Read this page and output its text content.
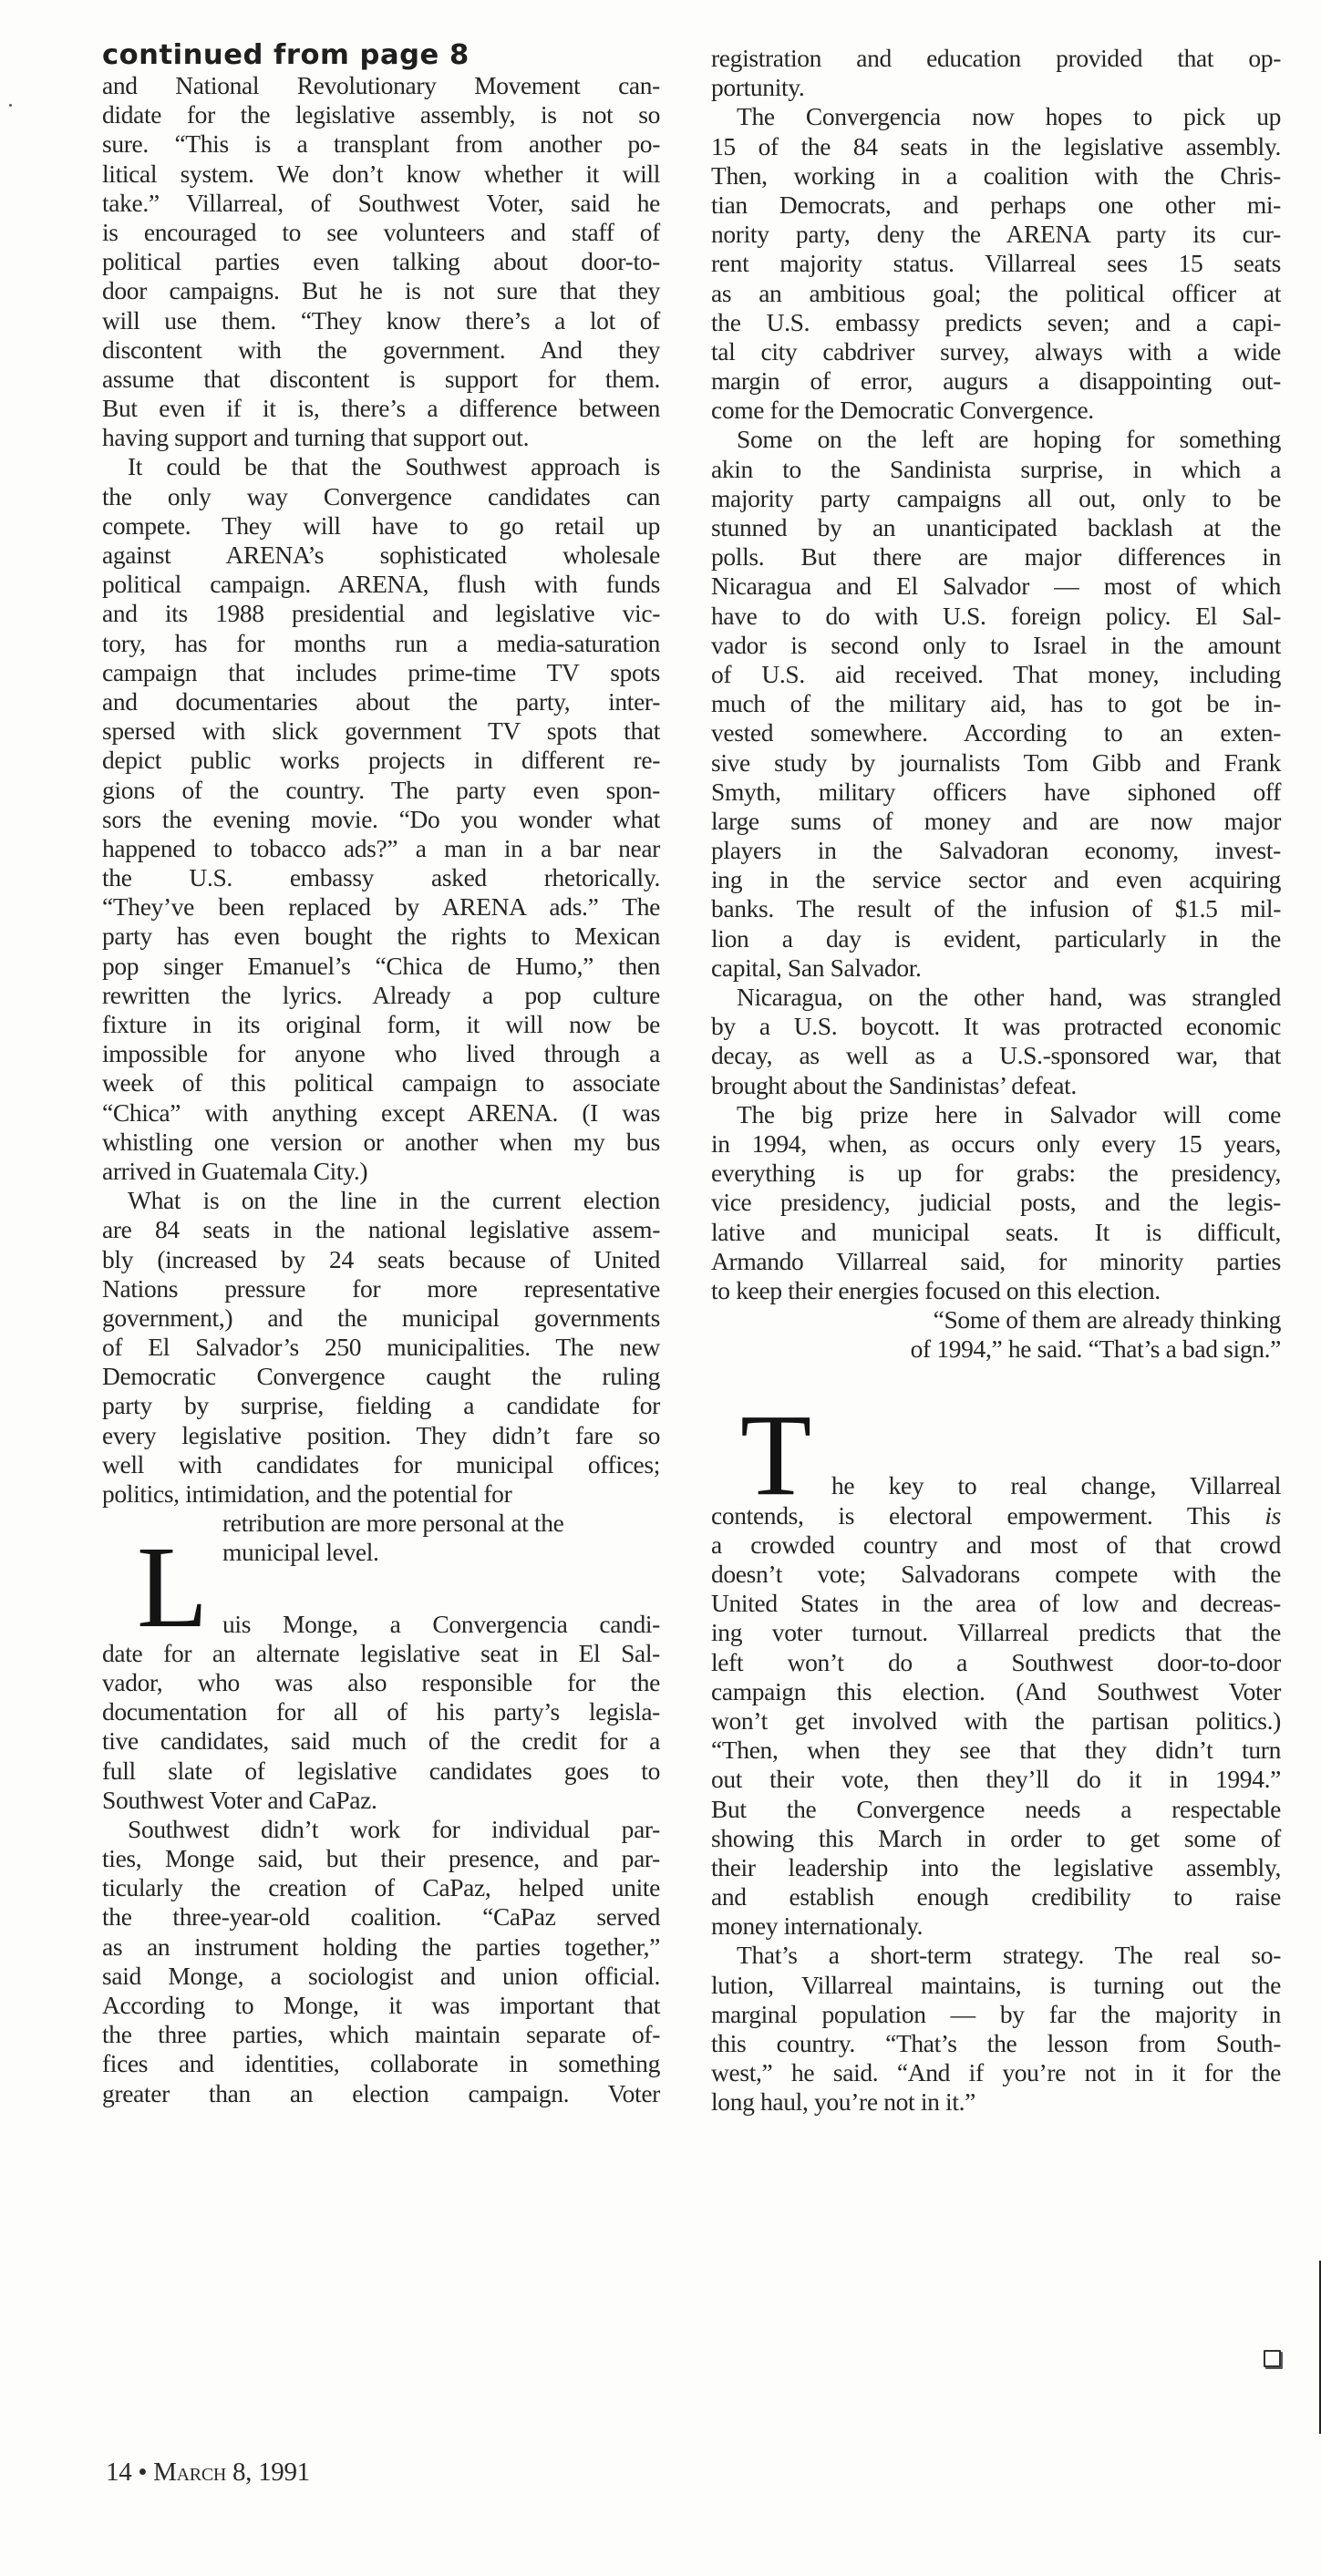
continued from page 8
and National Revolutionary Movement can-
didate for the legislative assembly, is not so
sure. “This is a transplant from another po-
litical system. We don’t know whether it will
take.” Villarreal, of Southwest Voter, said he
is encouraged to see volunteers and staff of
political parties even talking about door-to-
door campaigns. But he is not sure that they
will use them. “They know there’s a lot of
discontent with the government. And they
assume that discontent is support for them.
But even if it is, there’s a difference between
having support and turning that support out.
It could be that the Southwest approach is
the only way Convergence candidates can
compete. They will have to go retail up
against ARENA’s sophisticated wholesale
political campaign. ARENA, flush with funds
and its 1988 presidential and legislative vic-
tory, has for months run a media-saturation
campaign that includes prime-time TV spots
and documentaries about the party, inter-
spersed with slick government TV spots that
depict public works projects in different re-
gions of the country. The party even spon-
sors the evening movie. “Do you wonder what
happened to tobacco ads?” a man in a bar near
the U.S. embassy asked rhetorically.
“They’ve been replaced by ARENA ads.” The
party has even bought the rights to Mexican
pop singer Emanuel’s “Chica de Humo,” then
rewritten the lyrics. Already a pop culture
fixture in its original form, it will now be
impossible for anyone who lived through a
week of this political campaign to associate
“Chica” with anything except ARENA. (I was
whistling one version or another when my bus
arrived in Guatemala City.)
What is on the line in the current election
are 84 seats in the national legislative assem-
bly (increased by 24 seats because of United
Nations pressure for more representative
government,) and the municipal governments
of El Salvador’s 250 municipalities. The new
Democratic Convergence caught the ruling
party by surprise, fielding a candidate for
every legislative position. They didn’t fare so
well with candidates for municipal offices;
politics, intimidation, and the potential for
L retribution are more personal at the
municipal level.
uis Monge, a Convergencia candi-
date for an alternate legislative seat in El Sal-
vador, who was also responsible for the
documentation for all of his party’s legisla-
tive candidates, said much of the credit for a
full slate of legislative candidates goes to
Southwest Voter and CaPaz.
Southwest didn’t work for individual par-
ties, Monge said, but their presence, and par-
ticularly the creation of CaPaz, helped unite
the three-year-old coalition. “CaPaz served
as an instrument holding the parties together,”
said Monge, a sociologist and union official.
According to Monge, it was important that
the three parties, which maintain separate of-
fices and identities, collaborate in something
greater than an election campaign. Voter
registration and education provided that op-
portunity.
The Convergencia now hopes to pick up
15 of the 84 seats in the legislative assembly.
Then, working in a coalition with the Chris-
tian Democrats, and perhaps one other mi-
nority party, deny the ARENA party its cur-
rent majority status. Villarreal sees 15 seats
as an ambitious goal; the political officer at
the U.S. embassy predicts seven; and a capi-
tal city cabdriver survey, always with a wide
margin of error, augurs a disappointing out-
come for the Democratic Convergence.
Some on the left are hoping for something
akin to the Sandinista surprise, in which a
majority party campaigns all out, only to be
stunned by an unanticipated backlash at the
polls. But there are major differences in
Nicaragua and El Salvador — most of which
have to do with U.S. foreign policy. El Sal-
vador is second only to Israel in the amount
of U.S. aid received. That money, including
much of the military aid, has to got be in-
vested somewhere. According to an exten-
sive study by journalists Tom Gibb and Frank
Smyth, military officers have siphoned off
large sums of money and are now major
players in the Salvadoran economy, invest-
ing in the service sector and even acquiring
banks. The result of the infusion of $1.5 mil-
lion a day is evident, particularly in the
capital, San Salvador.
Nicaragua, on the other hand, was strangled
by a U.S. boycott. It was protracted economic
decay, as well as a U.S.-sponsored war, that
brought about the Sandinistas’ defeat.
The big prize here in Salvador will come
in 1994, when, as occurs only every 15 years,
everything is up for grabs: the presidency,
vice presidency, judicial posts, and the legis-
lative and municipal seats. It is difficult,
Armando Villarreal said, for minority parties
to keep their energies focused on this election.
“Some of them are already thinking
of 1994,” he said. “That’s a bad sign.”
T he key to real change, Villarreal
contends, is electoral empowerment. This is
a crowded country and most of that crowd
doesn’t vote; Salvadorans compete with the
United States in the area of low and decreas-
ing voter turnout. Villarreal predicts that the
left won’t do a Southwest door-to-door
campaign this election. (And Southwest Voter
won’t get involved with the partisan politics.)
“Then, when they see that they didn’t turn
out their vote, then they’ll do it in 1994.”
But the Convergence needs a respectable
showing this March in order to get some of
their leadership into the legislative assembly,
and establish enough credibility to raise
money internationaly.
That’s a short-term strategy. The real so-
lution, Villarreal maintains, is turning out the
marginal population — by far the majority in
this country. “That’s the lesson from South-
west,” he said. “And if you’re not in it for the
long haul, you’re not in it.”
14 • March 8, 1991
